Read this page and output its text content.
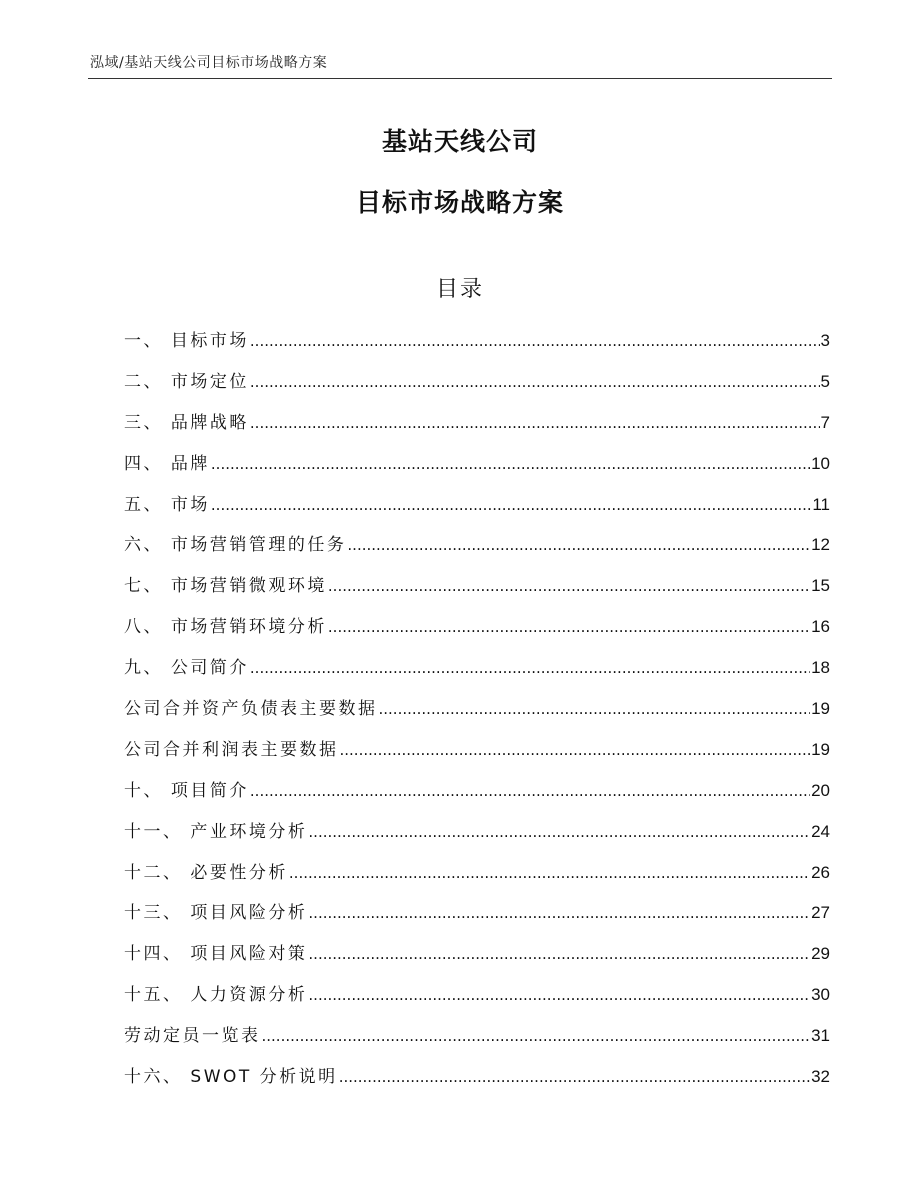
泓域/基站天线公司目标市场战略方案
基站天线公司
目标市场战略方案
目录
一、 目标市场 .....	3
二、 市场定位 .....	5
三、 品牌战略 .....	7
四、 品牌 .....	10
五、 市场 .....	11
六、 市场营销管理的任务 .....	12
七、 市场营销微观环境 .....	15
八、 市场营销环境分析 .....	16
九、 公司简介 .....	18
公司合并资产负债表主要数据 .....	19
公司合并利润表主要数据 .....	19
十、 项目简介 .....	20
十一、 产业环境分析 .....	24
十二、 必要性分析 .....	26
十三、 项目风险分析 .....	27
十四、 项目风险对策 .....	29
十五、 人力资源分析 .....	30
劳动定员一览表 .....	31
十六、 SWOT 分析说明 .....	32
